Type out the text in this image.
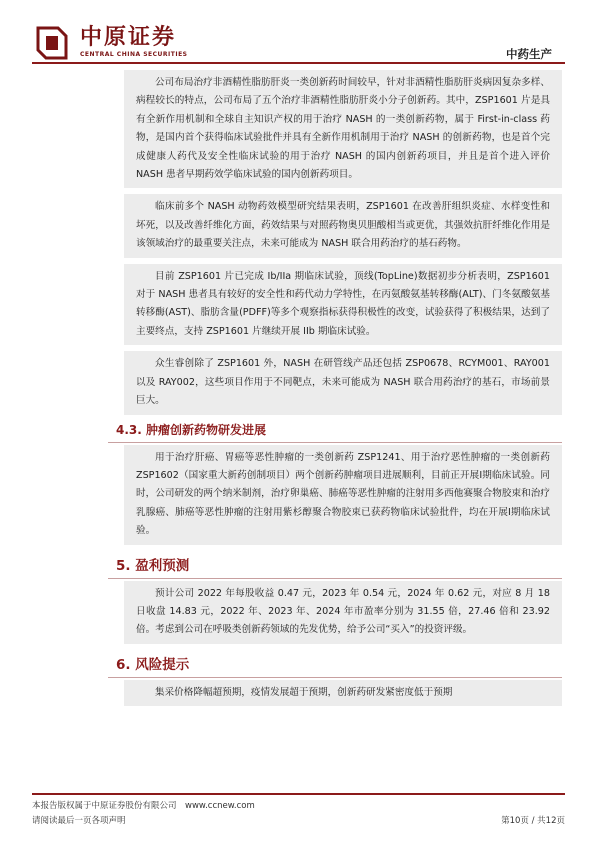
中原证券
CENTRAL CHINA SECURITIES	中药生产

公司布局治疗非酒精性脂肪肝炎一类创新药时间较早，针对非酒精性脂肪肝炎病因复杂多样、病程较长的特点，公司布局了五个治疗非酒精性脂肪肝炎小分子创新药。其中，ZSP1601 片是具有全新作用机制和全球自主知识产权的用于治疗 NASH 的一类创新药物，属于 First-in-class 药物，是国内首个获得临床试验批件并具有全新作用机制用于治疗 NASH 的创新药物，也是首个完成健康人药代及安全性临床试验的用于治疗 NASH 的国内创新药项目，并且是首个进入评价 NASH 患者早期药效学临床试验的国内创新药项目。

临床前多个 NASH 动物药效模型研究结果表明，ZSP1601 在改善肝组织炎症、水样变性和坏死，以及改善纤维化方面，药效结果与对照药物奥贝胆酸相当或更优，其强效抗肝纤维化作用是该领域治疗的最重要关注点，未来可能成为 NASH 联合用药治疗的基石药物。

目前 ZSP1601 片已完成 Ib/IIa 期临床试验，顶线(TopLine)数据初步分析表明，ZSP1601 对于 NASH 患者具有较好的安全性和药代动力学特性，在丙氨酸氨基转移酶(ALT)、门冬氨酸氨基转移酶(AST)、脂肪含量(PDFF)等多个观察指标获得积极性的改变，试验获得了积极结果，达到了主要终点，支持 ZSP1601 片继续开展 IIb 期临床试验。

众生睿创除了 ZSP1601 外，NASH 在研管线产品还包括 ZSP0678、RCYM001、RAY001 以及 RAY002，这些项目作用于不同靶点，未来可能成为 NASH 联合用药治疗的基石，市场前景巨大。

4.3. 肿瘤创新药物研发进展

用于治疗肝癌、胃癌等恶性肿瘤的一类创新药 ZSP1241、用于治疗恶性肿瘤的一类创新药 ZSP1602（国家重大新药创制项目）两个创新药肿瘤项目进展顺利，目前正开展Ⅰ期临床试验。同时，公司研发的两个纳米制剂，治疗卵巢癌、肺癌等恶性肿瘤的注射用多西他赛聚合物胶束和治疗乳腺癌、肺癌等恶性肿瘤的注射用紫杉醇聚合物胶束已获药物临床试验批件，均在开展Ⅰ期临床试验。

5. 盈利预测

预计公司 2022 年每股收益 0.47 元，2023 年 0.54 元，2024 年 0.62 元，对应 8 月 18 日收盘 14.83 元，2022 年、2023 年、2024 年市盈率分别为 31.55 倍，27.46 倍和 23.92 倍。考虑到公司在呼吸类创新药领域的先发优势，给予公司“买入”的投资评级。

6. 风险提示

集采价格降幅超预期，疫情发展超于预期，创新药研发紧密度低于预期

本报告版权属于中原证券股份有限公司　www.ccnew.com
请阅读最后一页各项声明	第10页 / 共12页
